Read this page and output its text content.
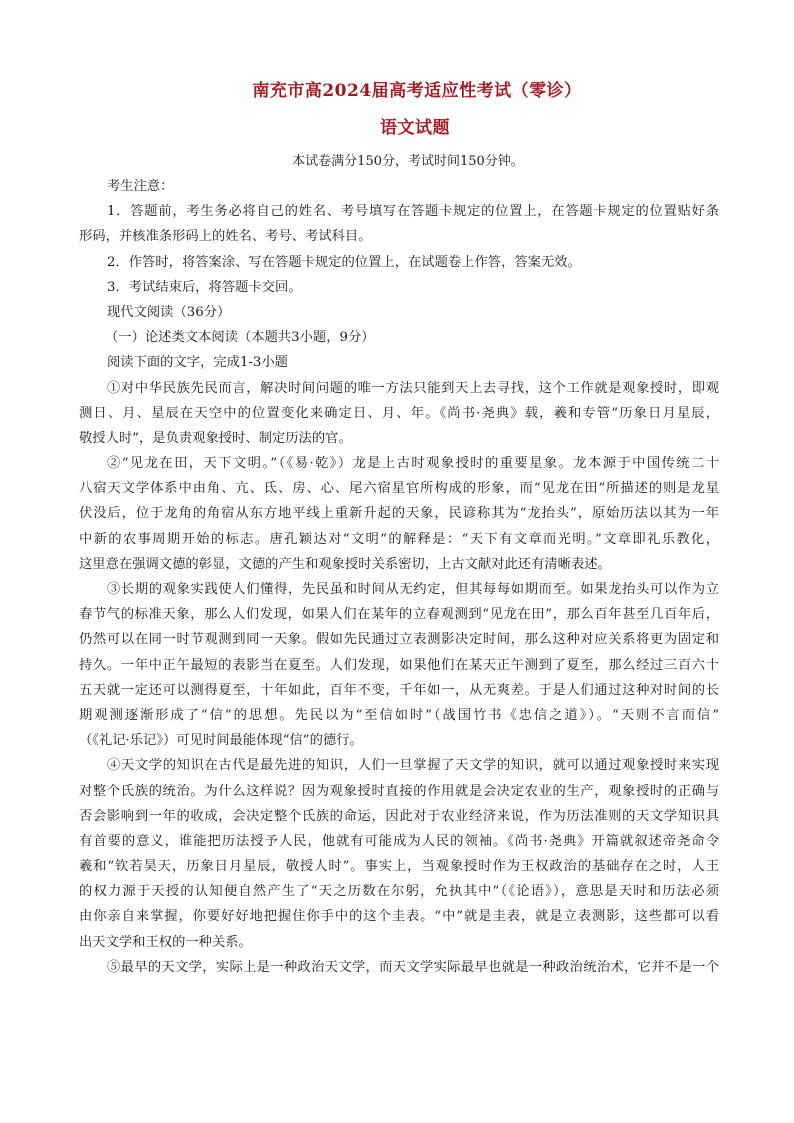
南充市高2024届高考适应性考试（零诊）
语文试题
本试卷满分150分，考试时间150分钟。
考生注意：
1．答题前，考生务必将自己的姓名、考号填写在答题卡规定的位置上，在答题卡规定的位置贴好条
形码，并核准条形码上的姓名、考号、考试科目。
2．作答时，将答案涂、写在答题卡规定的位置上，在试题卷上作答，答案无效。
3．考试结束后，将答题卡交回。
现代文阅读（36分）
（一）论述类文本阅读（本题共3小题，9分）
阅读下面的文字，完成1-3小题
①对中华民族先民而言，解决时间问题的唯一方法只能到天上去寻找，这个工作就是观象授时，即观
测日、月、星辰在天空中的位置变化来确定日、月、年。《尚书·尧典》载，羲和专管“历象日月星辰，
敬授人时”，是负责观象授时、制定历法的官。
②“见龙在田，天下文明。”（《易·乾》）龙是上古时观象授时的重要星象。龙本源于中国传统二十
八宿天文学体系中由角、亢、氐、房、心、尾六宿星官所构成的形象，而“见龙在田”所描述的则是龙星
伏没后，位于龙角的角宿从东方地平线上重新升起的天象，民谚称其为“龙抬头”，原始历法以其为一年
中新的农事周期开始的标志。唐孔颖达对“文明”的解释是：“天下有文章而光明。”文章即礼乐教化，
这里意在强调文德的彰显，文德的产生和观象授时关系密切，上古文献对此还有清晰表述。
③长期的观象实践使人们懂得，先民虽和时间从无约定，但其每每如期而至。如果龙抬头可以作为立
春节气的标准天象，那么人们发现，如果人们在某年的立春观测到“见龙在田”，那么百年甚至几百年后，
仍然可以在同一时节观测到同一天象。假如先民通过立表测影决定时间，那么这种对应关系将更为固定和
持久。一年中正午最短的表影当在夏至。人们发现，如果他们在某天正午测到了夏至，那么经过三百六十
五天就一定还可以测得夏至，十年如此，百年不变，千年如一，从无爽差。于是人们通过这种对时间的长
期观测逐渐形成了“信”的思想。先民以为“至信如时”（战国竹书《忠信之道》）。“天则不言而信”
（《礼记·乐记》）可见时间最能体现“信”的德行。
④天文学的知识在古代是最先进的知识，人们一旦掌握了天文学的知识，就可以通过观象授时来实现
对整个氏族的统治。为什么这样说？因为观象授时直接的作用就是会决定农业的生产，观象授时的正确与
否会影响到一年的收成，会决定整个氏族的命运，因此对于农业经济来说，作为历法准则的天文学知识具
有首要的意义，谁能把历法授予人民，他就有可能成为人民的领袖。《尚书·尧典》开篇就叙述帝尧命令
羲和“钦若昊天，历象日月星辰，敬授人时”。事实上，当观象授时作为王权政治的基础存在之时，人王
的权力源于天授的认知便自然产生了“天之历数在尔躬，允执其中”（《论语》），意思是天时和历法必须
由你亲自来掌握，你要好好地把握住你手中的这个圭表。“中”就是圭表，就是立表测影，这些都可以看
出天文学和王权的一种关系。
⑤最早的天文学，实际上是一种政治天文学，而天文学实际最早也就是一种政治统治术，它并不是一个
